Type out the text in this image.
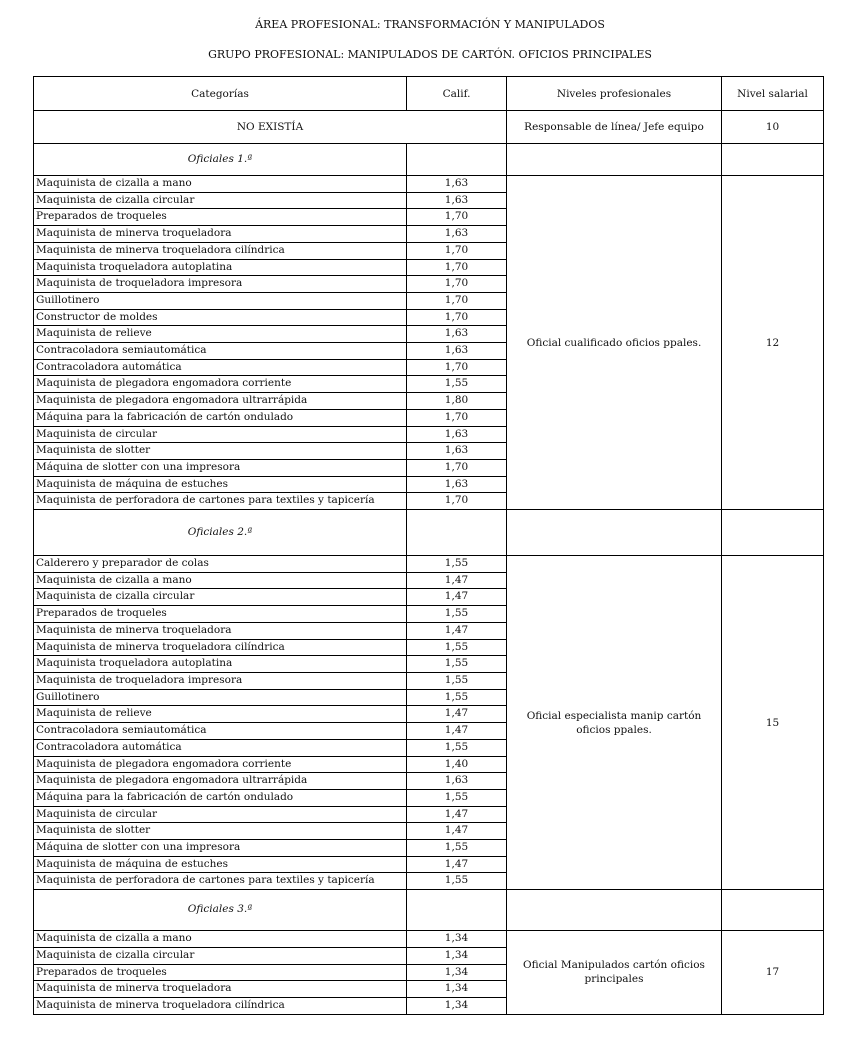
ÁREA PROFESIONAL: TRANSFORMACIÓN Y MANIPULADOS
GRUPO PROFESIONAL: MANIPULADOS DE CARTÓN. OFICIOS PRINCIPALES
Categorías	Calif.	Niveles profesionales	Nivel salarial
NO EXISTÍA		Responsable de línea/ Jefe equipo	10
Oficiales 1.ª			
Maquinista de cizalla a mano	1,63	Oficial cualificado oficios ppales.	12
Maquinista de cizalla circular	1,63		
Preparados de troqueles	1,70		
Maquinista de minerva troqueladora	1,63		
Maquinista de minerva troqueladora cilíndrica	1,70		
Maquinista troqueladora autoplatina	1,70		
Maquinista de troqueladora impresora	1,70		
Guillotinero	1,70		
Constructor de moldes	1,70		
Maquinista de relieve	1,63		
Contracoladora semiautomática	1,63		
Contracoladora automática	1,70		
Maquinista de plegadora engomadora corriente	1,55		
Maquinista de plegadora engomadora ultrarrápida	1,80		
Máquina para la fabricación de cartón ondulado	1,70		
Maquinista de circular	1,63		
Maquinista de slotter	1,63		
Máquina de slotter con una impresora	1,70		
Maquinista de máquina de estuches	1,63		
Maquinista de perforadora de cartones para textiles y tapicería	1,70		
Oficiales 2.ª			
Calderero y preparador de colas	1,55	Oficial especialista manip cartón oficios ppales.	15
Maquinista de cizalla a mano	1,47		
Maquinista de cizalla circular	1,47		
Preparados de troqueles	1,55		
Maquinista de minerva troqueladora	1,47		
Maquinista de minerva troqueladora cilíndrica	1,55		
Maquinista troqueladora autoplatina	1,55		
Maquinista de troqueladora impresora	1,55		
Guillotinero	1,55		
Maquinista de relieve	1,47		
Contracoladora semiautomática	1,47		
Contracoladora automática	1,55		
Maquinista de plegadora engomadora corriente	1,40		
Maquinista de plegadora engomadora ultrarrápida	1,63		
Máquina para la fabricación de cartón ondulado	1,55		
Maquinista de circular	1,47		
Maquinista de slotter	1,47		
Máquina de slotter con una impresora	1,55		
Maquinista de máquina de estuches	1,47		
Maquinista de perforadora de cartones para textiles y tapicería	1,55		
Oficiales 3.ª			
Maquinista de cizalla a mano	1,34	Oficial Manipulados cartón oficios principales	17
Maquinista de cizalla circular	1,34		
Preparados de troqueles	1,34		
Maquinista de minerva troqueladora	1,34		
Maquinista de minerva troqueladora cilíndrica	1,34		
